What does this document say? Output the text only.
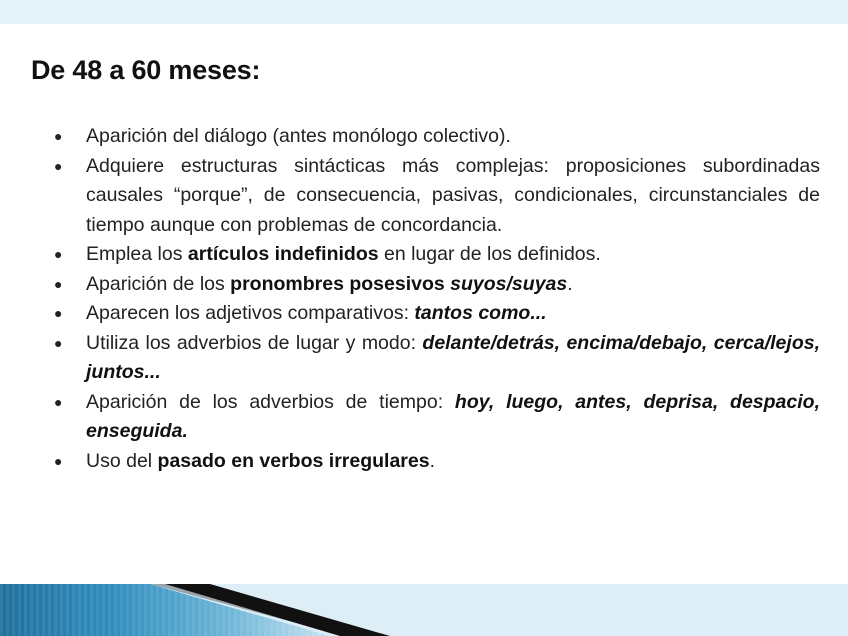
De 48 a 60 meses:
● Aparición del diálogo (antes monólogo colectivo).
● Adquiere estructuras sintácticas más complejas: proposiciones subordinadas causales “porque”, de consecuencia, pasivas, condicionales, circunstanciales de tiempo aunque con problemas de concordancia.
● Emplea los artículos indefinidos en lugar de los definidos.
● Aparición de los pronombres posesivos suyos/suyas.
● Aparecen los adjetivos comparativos: tantos como...
● Utiliza los adverbios de lugar y modo: delante/detrás, encima/debajo, cerca/lejos, juntos...
● Aparición de los adverbios de tiempo: hoy, luego, antes, deprisa, despacio, enseguida.
● Uso del pasado en verbos irregulares.
